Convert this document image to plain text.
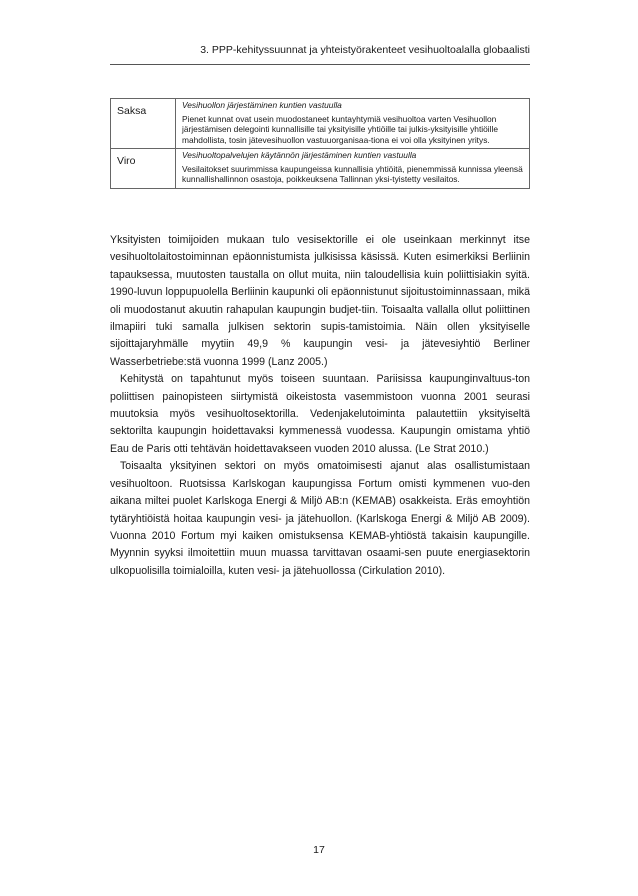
3. PPP-kehityssuunnat ja yhteistyörakenteet vesihuoltoalalla globaalisti
Saksa	Vesihuollon järjestäminen kuntien vastuulla
Pienet kunnat ovat usein muodostaneet kuntayhtymiä vesihuoltoa varten Vesihuollon järjestämisen delegointi kunnallisille tai yksityisille yhtiöille tai julkis-yksityisille yhtiöille mahdollista, tosin jätevesihuollon vastuuorganisaa-tiona ei voi olla yksityinen yritys.

Viro	Vesihuoltopalvelujen käytännön järjestäminen kuntien vastuulla
Vesilaitokset suurimmissa kaupungeissa kunnallisia yhtiöitä, pienemmissä kunnissa yleensä kunnallishallinnon osastoja, poikkeuksena Tallinnan yksi-tyistetty vesilaitos.

Yksityisten toimijoiden mukaan tulo vesisektorille ei ole useinkaan merkinnyt itse vesihuoltolaitostoiminnan epäonnistumista julkisissa käsissä. Kuten esimerkiksi Berliinin tapauksessa, muutosten taustalla on ollut muita, niin taloudellisia kuin poliittisiakin syitä. 1990-luvun loppupuolella Berliinin kaupunki oli epäonnistunut sijoitustoiminnassaan, mikä oli muodostanut akuutin rahapulan kaupungin budjet-tiin. Toisaalta vallalla ollut poliittinen ilmapiiri tuki samalla julkisen sektorin supis-tamistoimia. Näin ollen yksityiselle sijoittajaryhmälle myytiin 49,9 % kaupungin vesi- ja jätevesiyhtiö Berliner Wasserbetriebe:stä vuonna 1999 (Lanz 2005.)

Kehitystä on tapahtunut myös toiseen suuntaan. Pariisissa kaupunginvaltuus-ton poliittisen painopisteen siirtymistä oikeistosta vasemmistoon vuonna 2001 seurasi muutoksia myös vesihuoltosektorilla. Vedenjakelutoiminta palautettiin yksityiseltä sektorilta kaupungin hoidettavaksi kymmenessä vuodessa. Kaupungin omistama yhtiö Eau de Paris otti tehtävän hoidettavakseen vuoden 2010 alussa. (Le Strat 2010.)

Toisaalta yksityinen sektori on myös omatoimisesti ajanut alas osallistumistaan vesihuoltoon. Ruotsissa Karlskogan kaupungissa Fortum omisti kymmenen vuo-den aikana miltei puolet Karlskoga Energi & Miljö AB:n (KEMAB) osakkeista. Eräs emoyhtiön tytäryhtiöistä hoitaa kaupungin vesi- ja jätehuollon. (Karlskoga Energi & Miljö AB 2009). Vuonna 2010 Fortum myi kaiken omistuksensa KEMAB-yhtiöstä takaisin kaupungille. Myynnin syyksi ilmoitettiin muun muassa tarvittavan osaami-sen puute energiasektorin ulkopuolisilla toimialoilla, kuten vesi- ja jätehuollossa (Cirkulation 2010).

17
